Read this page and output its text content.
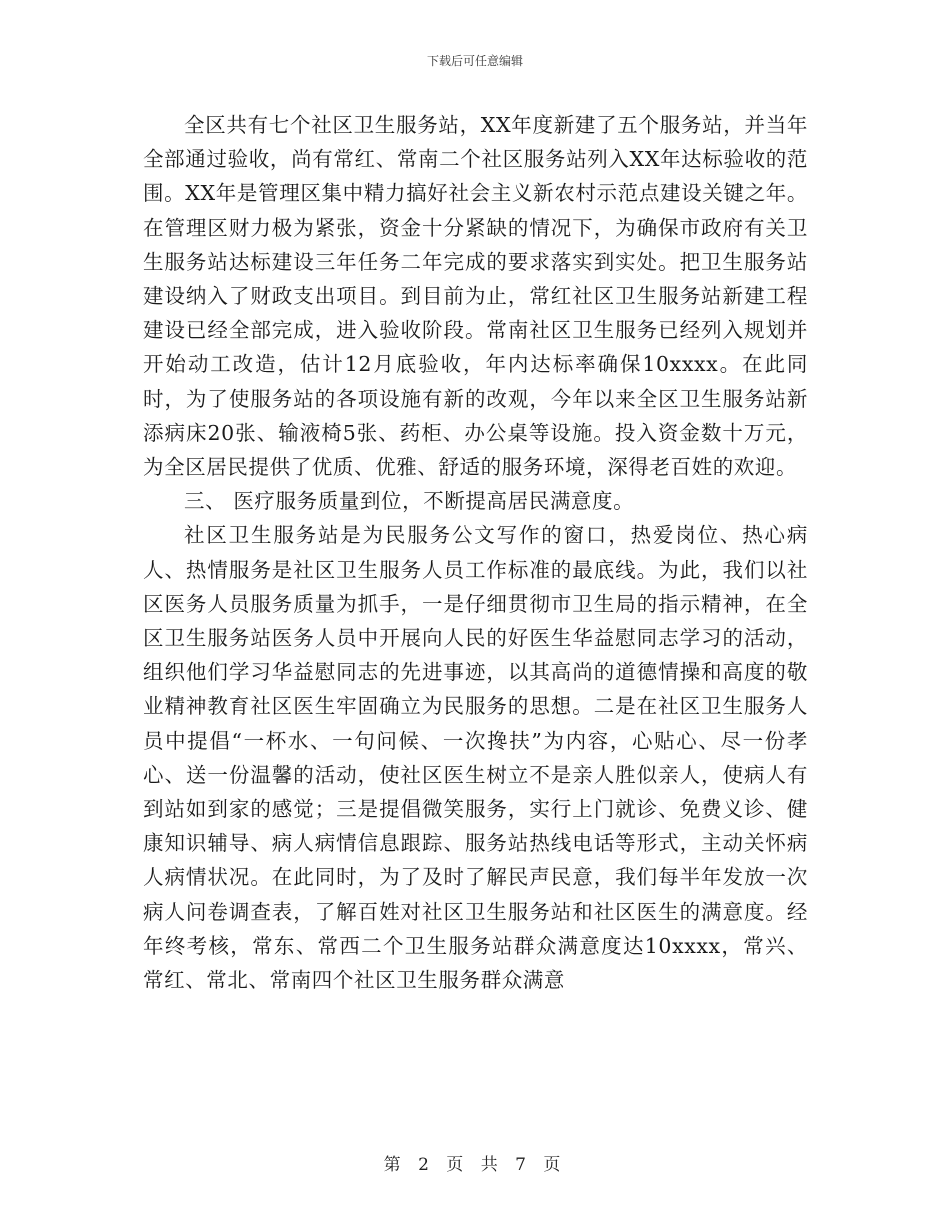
下载后可任意编辑

全区共有七个社区卫生服务站，XX年度新建了五个服务站，并当年全部通过验收，尚有常红、常南二个社区服务站列入XX年达标验收的范围。XX年是管理区集中精力搞好社会主义新农村示范点建设关键之年。在管理区财力极为紧张，资金十分紧缺的情况下，为确保市政府有关卫生服务站达标建设三年任务二年完成的要求落实到实处。把卫生服务站建设纳入了财政支出项目。到目前为止，常红社区卫生服务站新建工程建设已经全部完成，进入验收阶段。常南社区卫生服务已经列入规划并开始动工改造，估计12月底验收，年内达标率确保10xxxx。在此同时，为了使服务站的各项设施有新的改观，今年以来全区卫生服务站新添病床20张、输液椅5张、药柜、办公桌等设施。投入资金数十万元，为全区居民提供了优质、优雅、舒适的服务环境，深得老百姓的欢迎。

三、 医疗服务质量到位，不断提高居民满意度。

社区卫生服务站是为民服务公文写作的窗口，热爱岗位、热心病人、热情服务是社区卫生服务人员工作标准的最底线。为此，我们以社区医务人员服务质量为抓手，一是仔细贯彻市卫生局的指示精神，在全区卫生服务站医务人员中开展向人民的好医生华益慰同志学习的活动，组织他们学习华益慰同志的先进事迹，以其高尚的道德情操和高度的敬业精神教育社区医生牢固确立为民服务的思想。二是在社区卫生服务人员中提倡“一杯水、一句问候、一次搀扶”为内容，心贴心、尽一份孝心、送一份温馨的活动，使社区医生树立不是亲人胜似亲人，使病人有到站如到家的感觉；三是提倡微笑服务，实行上门就诊、免费义诊、健康知识辅导、病人病情信息跟踪、服务站热线电话等形式，主动关怀病人病情状况。在此同时，为了及时了解民声民意，我们每半年发放一次病人问卷调查表，了解百姓对社区卫生服务站和社区医生的满意度。经年终考核，常东、常西二个卫生服务站群众满意度达10xxxx，常兴、常红、常北、常南四个社区卫生服务群众满意

第 2 页 共 7 页
